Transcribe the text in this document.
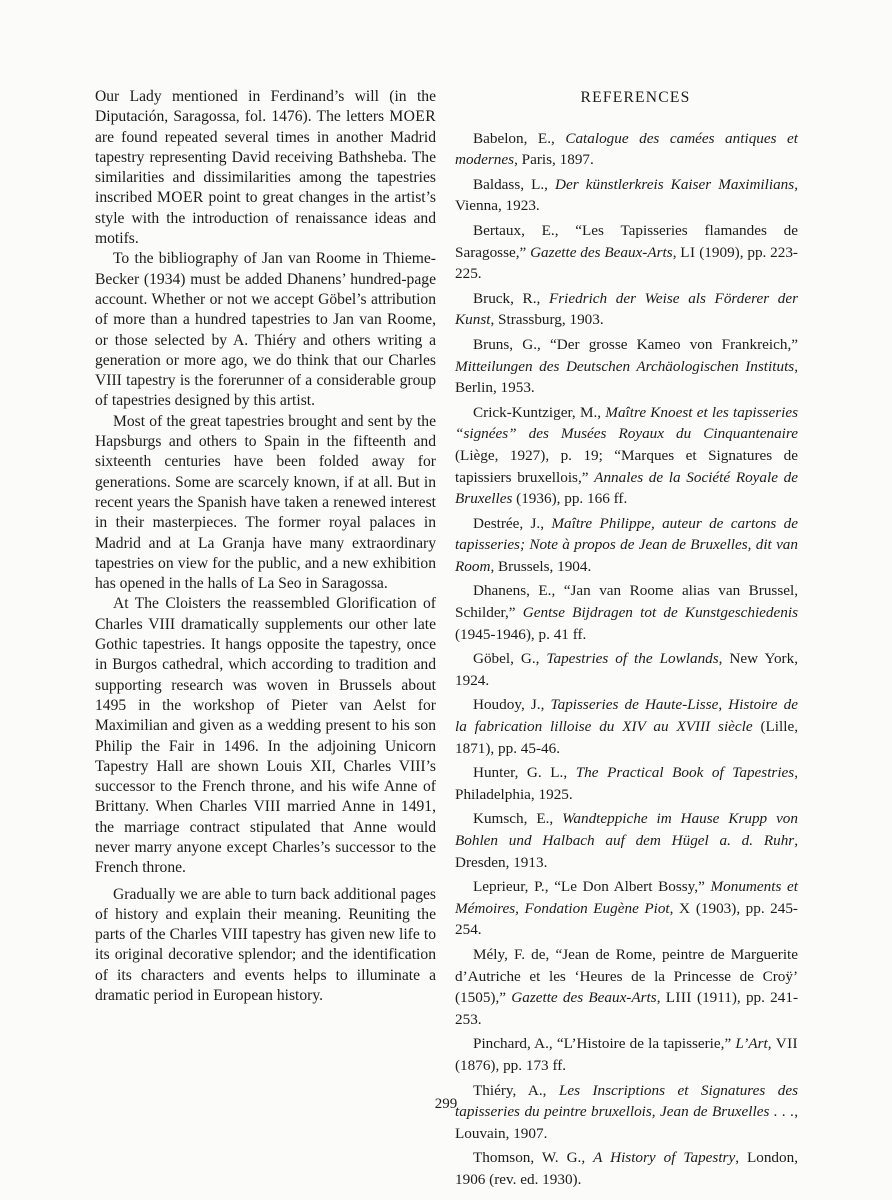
Our Lady mentioned in Ferdinand’s will (in the Diputación, Saragossa, fol. 1476). The letters MOER are found repeated several times in another Madrid tapestry representing David receiving Bathsheba. The similarities and dissimilarities among the tapestries inscribed MOER point to great changes in the artist’s style with the introduction of renaissance ideas and motifs.

To the bibliography of Jan van Roome in Thieme-Becker (1934) must be added Dhanens’ hundred-page account. Whether or not we accept Göbel’s attribution of more than a hundred tapestries to Jan van Roome, or those selected by A. Thiéry and others writing a generation or more ago, we do think that our Charles VIII tapestry is the forerunner of a considerable group of tapestries designed by this artist.

Most of the great tapestries brought and sent by the Hapsburgs and others to Spain in the fifteenth and sixteenth centuries have been folded away for generations. Some are scarcely known, if at all. But in recent years the Spanish have taken a renewed interest in their masterpieces. The former royal palaces in Madrid and at La Granja have many extraordinary tapestries on view for the public, and a new exhibition has opened in the halls of La Seo in Saragossa.

At The Cloisters the reassembled Glorification of Charles VIII dramatically supplements our other late Gothic tapestries. It hangs opposite the tapestry, once in Burgos cathedral, which according to tradition and supporting research was woven in Brussels about 1495 in the workshop of Pieter van Aelst for Maximilian and given as a wedding present to his son Philip the Fair in 1496. In the adjoining Unicorn Tapestry Hall are shown Louis XII, Charles VIII’s successor to the French throne, and his wife Anne of Brittany. When Charles VIII married Anne in 1491, the marriage contract stipulated that Anne would never marry anyone except Charles’s successor to the French throne.

Gradually we are able to turn back additional pages of history and explain their meaning. Reuniting the parts of the Charles VIII tapestry has given new life to its original decorative splendor; and the identification of its characters and events helps to illuminate a dramatic period in European history.

REFERENCES
Babelon, E., Catalogue des camées antiques et modernes, Paris, 1897.
Baldass, L., Der künstlerkreis Kaiser Maximilians, Vienna, 1923.
Bertaux, E., “Les Tapisseries flamandes de Saragosse,” Gazette des Beaux-Arts, LI (1909), pp. 223-225.
Bruck, R., Friedrich der Weise als Förderer der Kunst, Strassburg, 1903.
Bruns, G., “Der grosse Kameo von Frankreich,” Mitteilungen des Deutschen Archäologischen Instituts, Berlin, 1953.
Crick-Kuntziger, M., Maître Knoest et les tapisseries “signées” des Musées Royaux du Cinquantenaire (Liège, 1927), p. 19; “Marques et Signatures de tapissiers bruxellois,” Annales de la Société Royale de Bruxelles (1936), pp. 166 ff.
Destrée, J., Maître Philippe, auteur de cartons de tapisseries; Note à propos de Jean de Bruxelles, dit van Room, Brussels, 1904.
Dhanens, E., “Jan van Roome alias van Brussel, Schilder,” Gentse Bijdragen tot de Kunstgeschiedenis (1945-1946), p. 41 ff.
Göbel, G., Tapestries of the Lowlands, New York, 1924.
Houdoy, J., Tapisseries de Haute-Lisse, Histoire de la fabrication lilloise du XIV au XVIII siècle (Lille, 1871), pp. 45-46.
Hunter, G. L., The Practical Book of Tapestries, Philadelphia, 1925.
Kumsch, E., Wandteppiche im Hause Krupp von Bohlen und Halbach auf dem Hügel a. d. Ruhr, Dresden, 1913.
Leprieur, P., “Le Don Albert Bossy,” Monuments et Mémoires, Fondation Eugène Piot, X (1903), pp. 245-254.
Mély, F. de, “Jean de Rome, peintre de Marguerite d’Autriche et les ‘Heures de la Princesse de Croÿ’ (1505),” Gazette des Beaux-Arts, LIII (1911), pp. 241-253.
Pinchard, A., “L’Histoire de la tapisserie,” L’Art, VII (1876), pp. 173 ff.
Thiéry, A., Les Inscriptions et Signatures des tapisseries du peintre bruxellois, Jean de Bruxelles . . ., Louvain, 1907.
Thomson, W. G., A History of Tapestry, London, 1906 (rev. ed. 1930).
299
